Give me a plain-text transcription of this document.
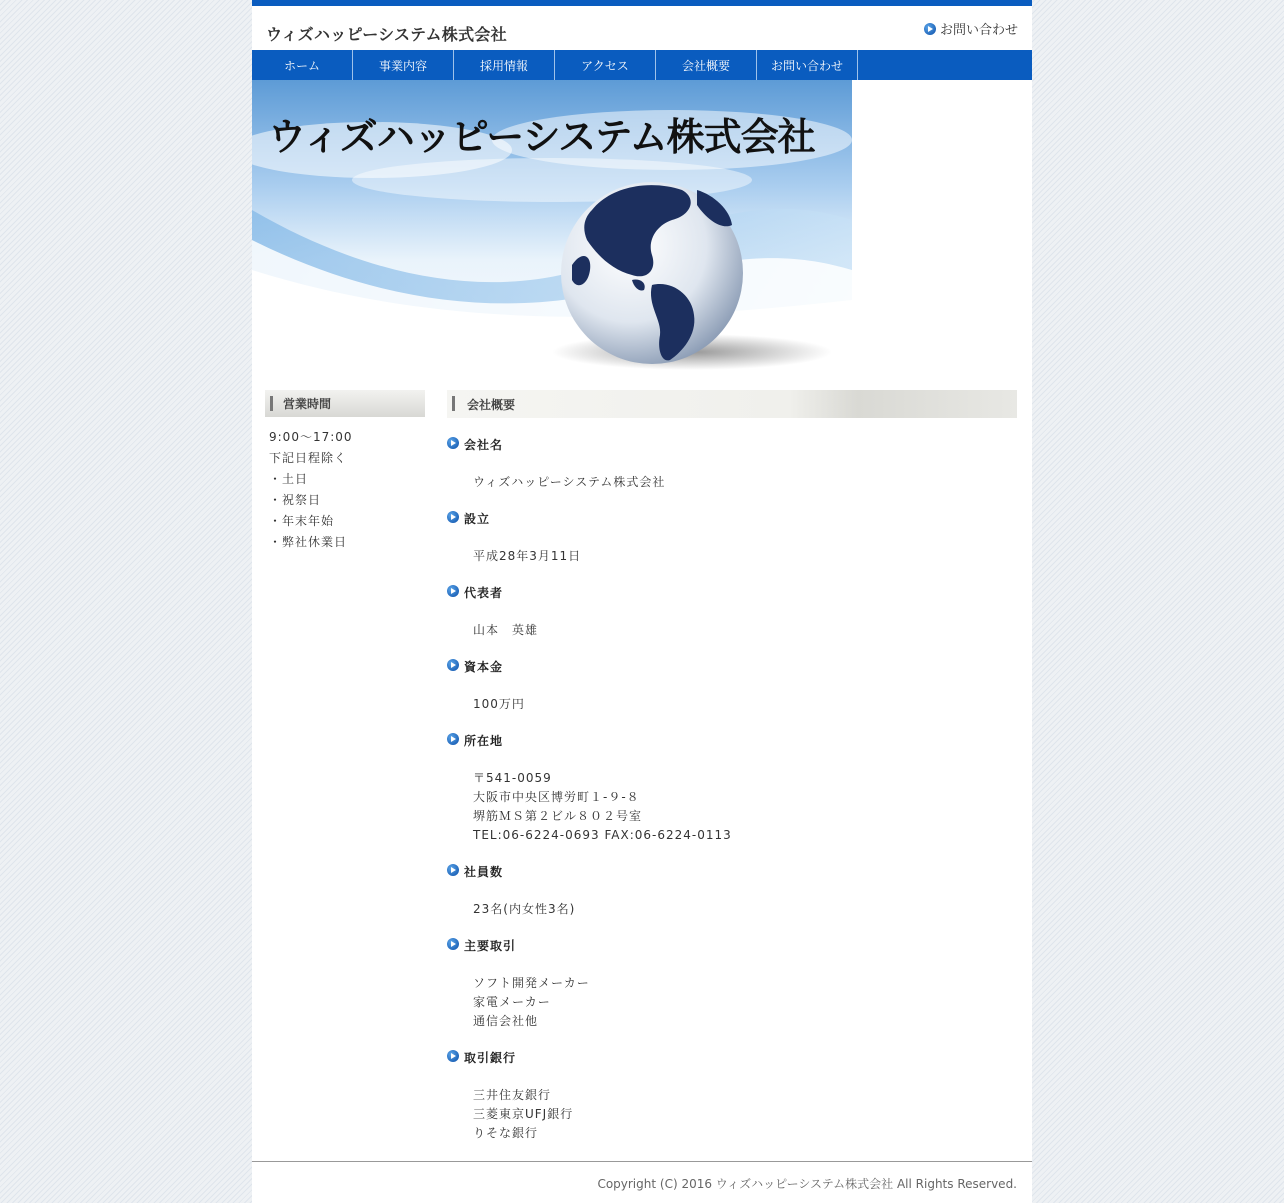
ウィズハッピーシステム株式会社	お問い合わせ
ホーム	事業内容	採用情報	アクセス	会社概要	お問い合わせ
ウィズハッピーシステム株式会社
営業時間
9:00～17:00
下記日程除く
・土日
・祝祭日
・年末年始
・弊社休業日
会社概要
会社名
ウィズハッピーシステム株式会社
設立
平成28年3月11日
代表者
山本　英雄
資本金
100万円
所在地
〒541-0059
大阪市中央区博労町１-９-８
堺筋ＭＳ第２ビル８０２号室
TEL:06-6224-0693 FAX:06-6224-0113
社員数
23名(内女性3名)
主要取引
ソフト開発メーカー
家電メーカー
通信会社他
取引銀行
三井住友銀行
三菱東京UFJ銀行
りそな銀行
Copyright (C) 2016 ウィズハッピーシステム株式会社 All Rights Reserved.
